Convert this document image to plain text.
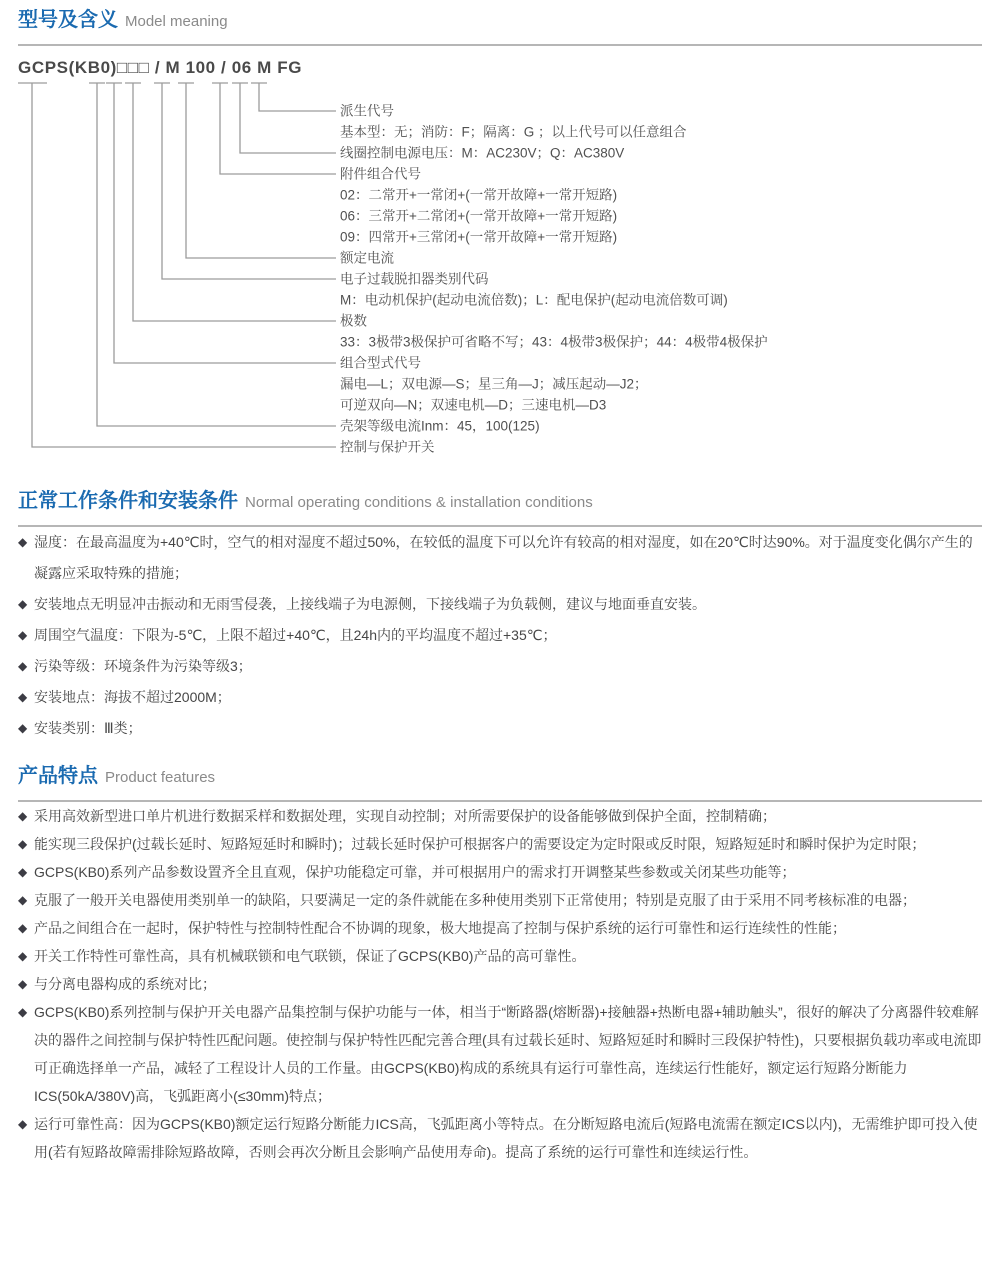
型号及含义 Model meaning
GCPS(KB0)□□□ / M 100 / 06 M FG
派生代号
基本型：无；消防：F；隔离：G ；以上代号可以任意组合
线圈控制电源电压：M：AC230V；Q：AC380V
附件组合代号
02：二常开+一常闭+(一常开故障+一常开短路)
06：三常开+二常闭+(一常开故障+一常开短路)
09：四常开+三常闭+(一常开故障+一常开短路)
额定电流
电子过载脱扣器类别代码
M：电动机保护(起动电流倍数)；L：配电保护(起动电流倍数可调)
极数
33：3极带3极保护可省略不写；43：4极带3极保护；44：4极带4极保护
组合型式代号
漏电—L；双电源—S；星三角—J；减压起动—J2；
可逆双向—N；双速电机—D；三速电机—D3
壳架等级电流Inm：45，100(125)
控制与保护开关
正常工作条件和安装条件 Normal operating conditions & installation conditions
◆ 湿度：在最高温度为+40℃时，空气的相对湿度不超过50%，在较低的温度下可以允许有较高的相对湿度，如在20℃时达90%。对于温度变化偶尔产生的凝露应采取特殊的措施；
◆ 安装地点无明显冲击振动和无雨雪侵袭，上接线端子为电源侧，下接线端子为负载侧，建议与地面垂直安装。
◆ 周围空气温度：下限为-5℃，上限不超过+40℃，且24h内的平均温度不超过+35℃；
◆ 污染等级：环境条件为污染等级3；
◆ 安装地点：海拔不超过2000M；
◆ 安装类别：Ⅲ类；
产品特点 Product features
◆ 采用高效新型进口单片机进行数据采样和数据处理，实现自动控制；对所需要保护的设备能够做到保护全面，控制精确；
◆ 能实现三段保护(过载长延时、短路短延时和瞬时)；过载长延时保护可根据客户的需要设定为定时限或反时限，短路短延时和瞬时保护为定时限；
◆ GCPS(KB0)系列产品参数设置齐全且直观，保护功能稳定可靠，并可根据用户的需求打开调整某些参数或关闭某些功能等；
◆ 克服了一般开关电器使用类别单一的缺陷，只要满足一定的条件就能在多种使用类别下正常使用；特别是克服了由于采用不同考核标准的电器；
◆ 产品之间组合在一起时，保护特性与控制特性配合不协调的现象，极大地提高了控制与保护系统的运行可靠性和运行连续性的性能；
◆ 开关工作特性可靠性高，具有机械联锁和电气联锁，保证了GCPS(KB0)产品的高可靠性。
◆ 与分离电器构成的系统对比；
◆ GCPS(KB0)系列控制与保护开关电器产品集控制与保护功能与一体，相当于“断路器(熔断器)+接触器+热断电器+辅助触头”，很好的解决了分离器件较难解决的器件之间控制与保护特性匹配问题。使控制与保护特性匹配完善合理(具有过载长延时、短路短延时和瞬时三段保护特性)，只要根据负载功率或电流即可正确选择单一产品，减轻了工程设计人员的工作量。由GCPS(KB0)构成的系统具有运行可靠性高，连续运行性能好，额定运行短路分断能力ICS(50kA/380V)高，飞弧距离小(≤30mm)特点；
◆ 运行可靠性高：因为GCPS(KB0)额定运行短路分断能力ICS高，飞弧距离小等特点。在分断短路电流后(短路电流需在额定ICS以内)，无需维护即可投入使用(若有短路故障需排除短路故障，否则会再次分断且会影响产品使用寿命)。提高了系统的运行可靠性和连续运行性。
